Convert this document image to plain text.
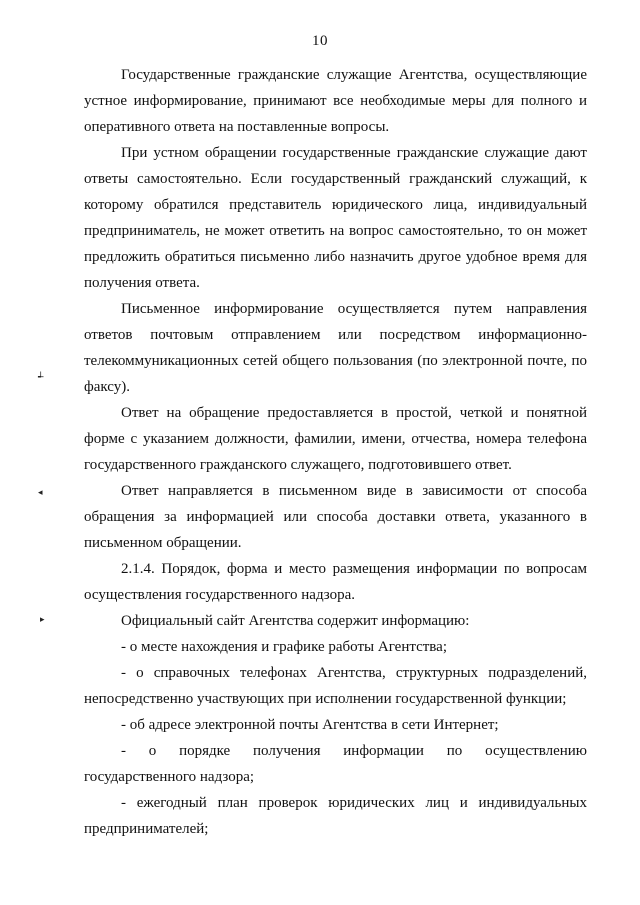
10
┵
◂
▸

Государственные гражданские служащие Агентства, осуществляющие устное информирование, принимают все необходимые меры для полного и оперативного ответа на поставленные вопросы.

При устном обращении государственные гражданские служащие дают ответы самостоятельно. Если государственный гражданский служащий, к которому обратился представитель юридического лица, индивидуальный предприниматель, не может ответить на вопрос самостоятельно, то он может предложить обратиться письменно либо назначить другое удобное время для получения ответа.

Письменное информирование осуществляется путем направления ответов почтовым отправлением или посредством информационно-телекоммуникационных сетей общего пользования (по электронной почте, по факсу).

Ответ на обращение предоставляется в простой, четкой и понятной форме с указанием должности, фамилии, имени, отчества, номера телефона государственного гражданского служащего, подготовившего ответ.

Ответ направляется в письменном виде в зависимости от способа обращения за информацией или способа доставки ответа, указанного в письменном обращении.

2.1.4. Порядок, форма и место размещения информации по вопросам осуществления государственного надзора.

Официальный сайт Агентства содержит информацию:

- о месте нахождения и графике работы Агентства;

- о справочных телефонах Агентства, структурных подразделений, непосредственно участвующих при исполнении государственной функции;

- об адресе электронной почты Агентства в сети Интернет;

- о порядке получения информации по осуществлению государственного надзора;

- ежегодный план проверок юридических лиц и индивидуальных предпринимателей;
